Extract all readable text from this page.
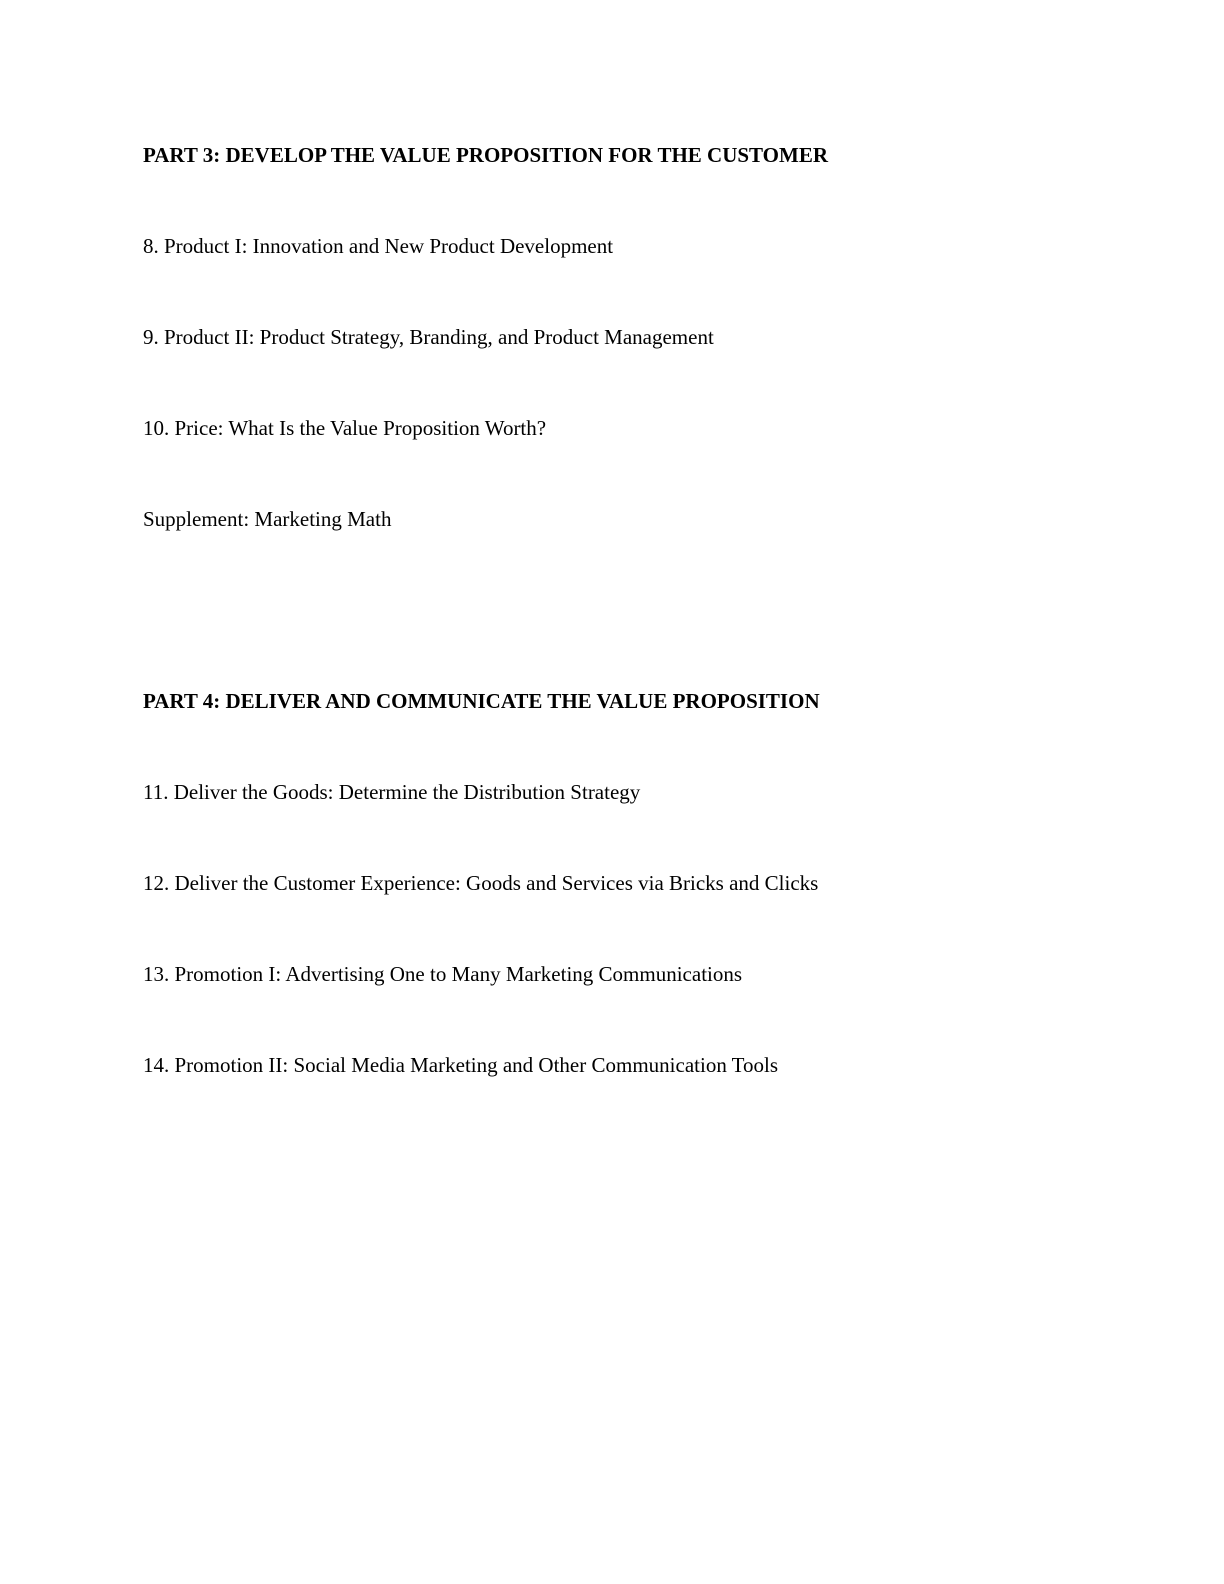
PART 3: DEVELOP THE VALUE PROPOSITION FOR THE CUSTOMER

8. Product I: Innovation and New Product Development

9. Product II: Product Strategy, Branding, and Product Management

10. Price: What Is the Value Proposition Worth?

Supplement: Marketing Math

PART 4: DELIVER AND COMMUNICATE THE VALUE PROPOSITION

11. Deliver the Goods: Determine the Distribution Strategy

12. Deliver the Customer Experience: Goods and Services via Bricks and Clicks

13. Promotion I: Advertising One to Many Marketing Communications

14. Promotion II: Social Media Marketing and Other Communication Tools
